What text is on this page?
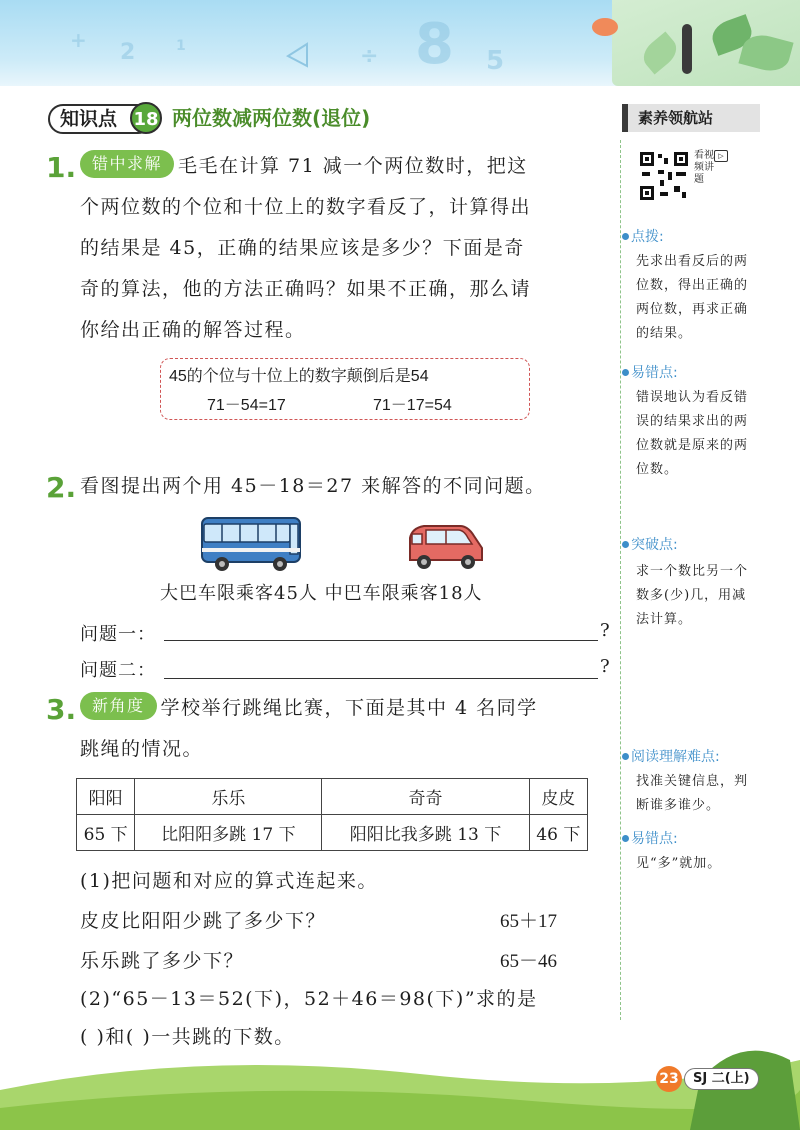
2	1	8 5
+
÷
知识点 18 两位数减两位数(退位)	素养领航站
看视频讲题
▷
点拨:
先求出看反后的两位数，得出正确的两位数，再求正确的结果。
易错点:
错误地认为看反错误的结果求出的两位数就是原来的两位数。
突破点:
求一个数比另一个数多(少)几，用减法计算。
阅读理解难点:
找准关键信息，判断谁多谁少。
易错点:
见“多”就加。
1. 错中求解 毛毛在计算 71 减一个两位数时，把这
个两位数的个位和十位上的数字看反了，计算得出
的结果是 45，正确的结果应该是多少？下面是奇
奇的算法，他的方法正确吗？如果不正确，那么请
你给出正确的解答过程。
45的个位与十位上的数字颠倒后是54
71－54=17	71－17=54
2. 看图提出两个用 45－18＝27 来解答的不同问题。
大巴车限乘客45人 中巴车限乘客18人
问题一：	?
问题二：	?
3. 新角度 学校举行跳绳比赛，下面是其中 4 名同学
跳绳的情况。
阳阳	乐乐	奇奇	皮皮
65 下	比阳阳多跳 17 下	阳阳比我多跳 13 下	46 下
(1)把问题和对应的算式连起来。
皮皮比阳阳少跳了多少下？	65＋17
乐乐跳了多少下？	65－46
(2)“65－13＝52(下)，52＋46＝98(下)”求的是
( )和( )一共跳的下数。
23	SJ 二(上)
